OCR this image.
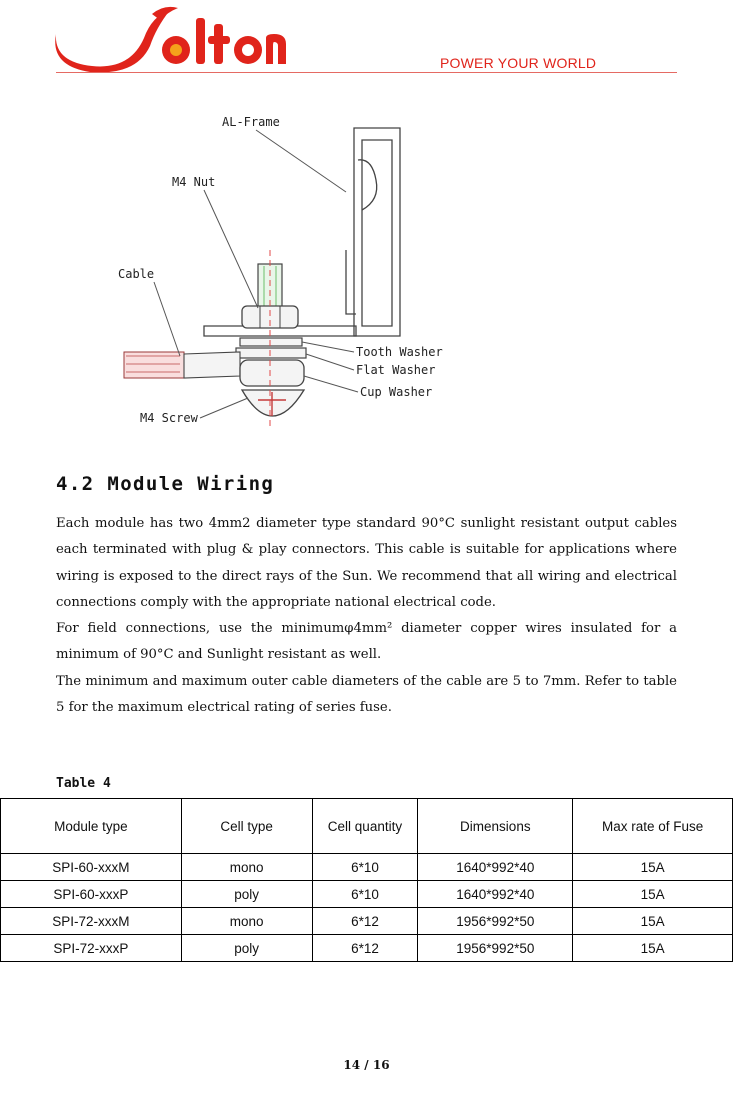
POWER YOUR WORLD
AL-Frame
M4 Nut
Cable
Tooth Washer
Flat Washer
Cup Washer
M4 Screw
4.2 Module Wiring

Each module has two 4mm2 diameter type standard 90°C sunlight resistant output cables each terminated with plug & play connectors. This cable is suitable for applications where wiring is exposed to the direct rays of the Sun. We recommend that all wiring and electrical connections comply with the appropriate national electrical code.

For field connections, use the minimumφ4mm² diameter copper wires insulated for a minimum of 90°C and Sunlight resistant as well.

The minimum and maximum outer cable diameters of the cable are 5 to 7mm. Refer to table 5 for the maximum electrical rating of series fuse.

Table 4
Module type	Cell type	Cell quantity	Dimensions	Max rate of Fuse
SPI-60-xxxM	mono	6*10	1640*992*40	15A
SPI-60-xxxP	poly	6*10	1640*992*40	15A
SPI-72-xxxM	mono	6*12	1956*992*50	15A
SPI-72-xxxP	poly	6*12	1956*992*50	15A
14 / 16
